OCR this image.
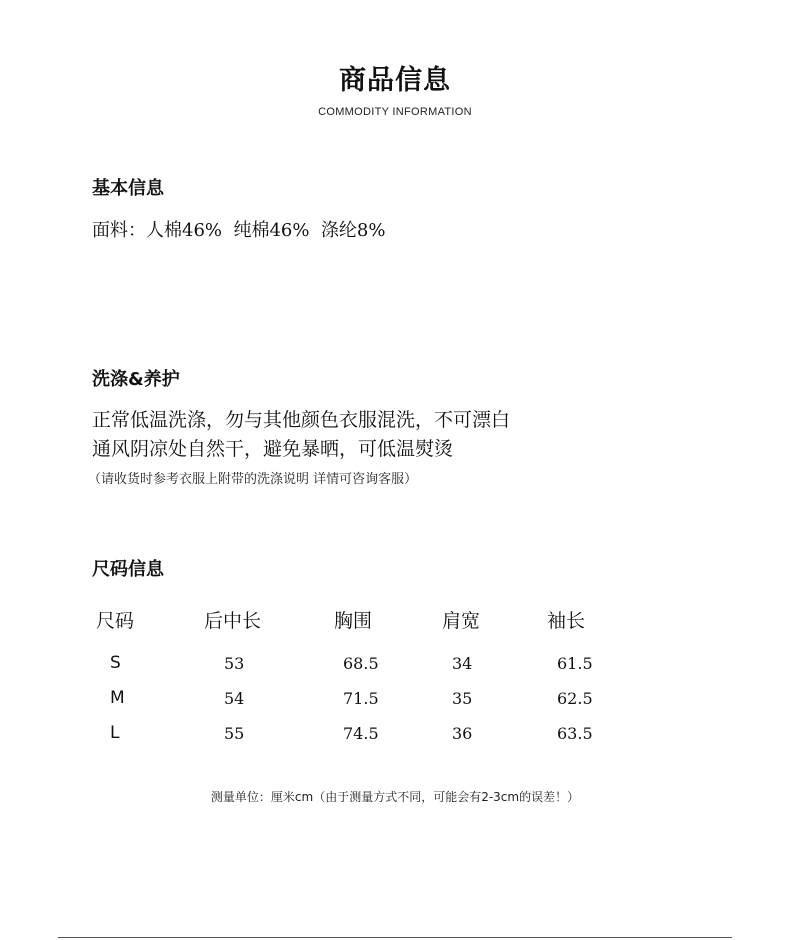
商品信息
COMMODITY INFORMATION
基本信息
面料：人棉46%  纯棉46%  涤纶8%
洗涤&养护
正常低温洗涤，勿与其他颜色衣服混洗，不可漂白
通风阴凉处自然干，避免暴晒，可低温熨烫
（请收货时参考衣服上附带的洗涤说明 详情可咨询客服）
尺码信息
尺码	后中长	胸围	肩宽	袖长
S	53	68.5	34	61.5
M	54	71.5	35	62.5
L	55	74.5	36	63.5
测量单位：厘米cm（由于测量方式不同，可能会有2-3cm的误差！）
